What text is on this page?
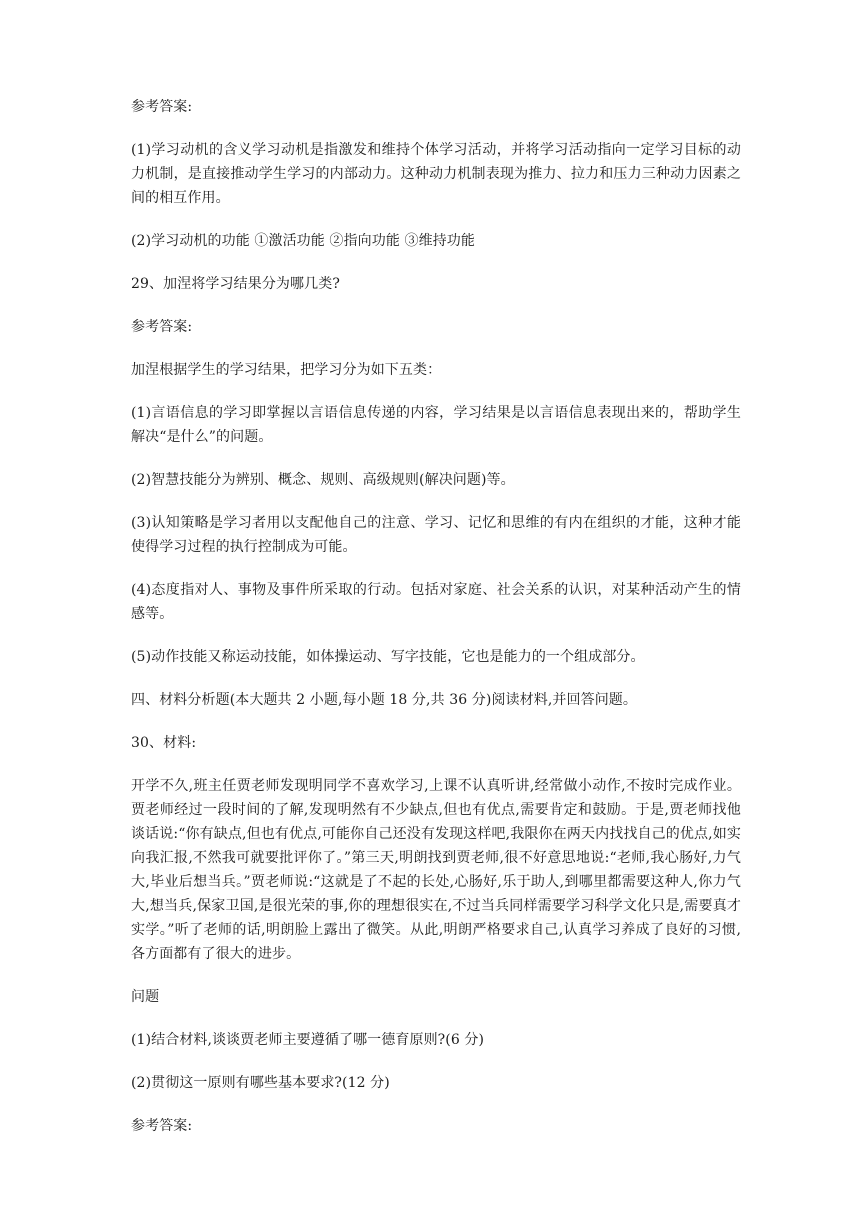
参考答案:

(1)学习动机的含义学习动机是指激发和维持个体学习活动，并将学习活动指向一定学习目标的动力机制，是直接推动学生学习的内部动力。这种动力机制表现为推力、拉力和压力三种动力因素之间的相互作用。

(2)学习动机的功能 ①激活功能 ②指向功能 ③维持功能

29、加涅将学习结果分为哪几类?

参考答案:

加涅根据学生的学习结果，把学习分为如下五类：

(1)言语信息的学习即掌握以言语信息传递的内容，学习结果是以言语信息表现出来的，帮助学生解决“是什么”的问题。

(2)智慧技能分为辨别、概念、规则、高级规则(解决问题)等。

(3)认知策略是学习者用以支配他自己的注意、学习、记忆和思维的有内在组织的才能，这种才能使得学习过程的执行控制成为可能。

(4)态度指对人、事物及事件所采取的行动。包括对家庭、社会关系的认识，对某种活动产生的情感等。

(5)动作技能又称运动技能，如体操运动、写字技能，它也是能力的一个组成部分。

四、材料分析题(本大题共 2 小题,每小题 18 分,共 36 分)阅读材料,并回答问题。

30、材料:

开学不久,班主任贾老师发现明同学不喜欢学习,上课不认真听讲,经常做小动作,不按时完成作业。贾老师经过一段时间的了解,发现明然有不少缺点,但也有优点,需要肯定和鼓励。于是,贾老师找他谈话说:“你有缺点,但也有优点,可能你自己还没有发现这样吧,我限你在两天内找找自己的优点,如实向我汇报,不然我可就要批评你了。”第三天,明朗找到贾老师,很不好意思地说:“老师,我心肠好,力气大,毕业后想当兵。”贾老师说:“这就是了不起的长处,心肠好,乐于助人,到哪里都需要这种人,你力气大,想当兵,保家卫国,是很光荣的事,你的理想很实在,不过当兵同样需要学习科学文化只是,需要真才实学。”听了老师的话,明朗脸上露出了微笑。从此,明朗严格要求自己,认真学习养成了良好的习惯,各方面都有了很大的进步。

问题

(1)结合材料,谈谈贾老师主要遵循了哪一德育原则?(6 分)

(2)贯彻这一原则有哪些基本要求?(12 分)

参考答案:
